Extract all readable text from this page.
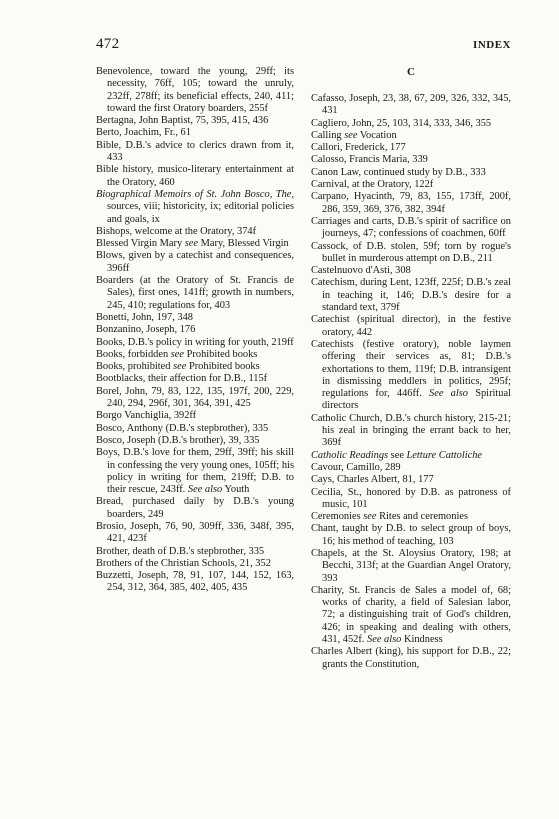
472	INDEX

Benevolence, toward the young, 29ff; its necessity, 76ff, 105; toward the unruly, 232ff, 278ff; its beneficial effects, 240, 411; toward the first Oratory boarders, 255f

Bertagna, John Baptist, 75, 395, 415, 436

Berto, Joachim, Fr., 61

Bible, D.B.'s advice to clerics drawn from it, 433

Bible history, musico-literary entertainment at the Oratory, 460

Biographical Memoirs of St. John Bosco, The, sources, viii; historicity, ix; editorial policies and goals, ix

Bishops, welcome at the Oratory, 374f

Blessed Virgin Mary see Mary, Blessed Virgin

Blows, given by a catechist and consequences, 396ff

Boarders (at the Oratory of St. Francis de Sales), first ones, 141ff; growth in numbers, 245, 410; regulations for, 403

Bonetti, John, 197, 348

Bonzanino, Joseph, 176

Books, D.B.'s policy in writing for youth, 219ff

Books, forbidden see Prohibited books

Books, prohibited see Prohibited books

Bootblacks, their affection for D.B., 115f

Borel, John, 79, 83, 122, 135, 197f, 200, 229, 240, 294, 296f, 301, 364, 391, 425

Borgo Vanchiglia, 392ff

Bosco, Anthony (D.B.'s stepbrother), 335

Bosco, Joseph (D.B.'s brother), 39, 335

Boys, D.B.'s love for them, 29ff, 39ff; his skill in confessing the very young ones, 105ff; his policy in writing for them, 219ff; D.B. to their rescue, 243ff. See also Youth

Bread, purchased daily by D.B.'s young boarders, 249

Brosio, Joseph, 76, 90, 309ff, 336, 348f, 395, 421, 423f

Brother, death of D.B.'s stepbrother, 335

Brothers of the Christian Schools, 21, 352

Buzzetti, Joseph, 78, 91, 107, 144, 152, 163, 254, 312, 364, 385, 402, 405, 435

C

Cafasso, Joseph, 23, 38, 67, 209, 326, 332, 345, 431

Cagliero, John, 25, 103, 314, 333, 346, 355

Calling see Vocation

Callori, Frederick, 177

Calosso, Francis Maria, 339

Canon Law, continued study by D.B., 333

Carnival, at the Oratory, 122f

Carpano, Hyacinth, 79, 83, 155, 173ff, 200f, 286, 359, 369, 376, 382, 394f

Carriages and carts, D.B.'s spirit of sacrifice on journeys, 47; confessions of coachmen, 60ff

Cassock, of D.B. stolen, 59f; torn by rogue's bullet in murderous attempt on D.B., 211

Castelnuovo d'Asti, 308

Catechism, during Lent, 123ff, 225f; D.B.'s zeal in teaching it, 146; D.B.'s desire for a standard text, 379f

Catechist (spiritual director), in the festive oratory, 442

Catechists (festive oratory), noble laymen offering their services as, 81; D.B.'s exhortations to them, 119f; D.B. intransigent in dismissing meddlers in politics, 295f; regulations for, 446ff. See also Spiritual directors

Catholic Church, D.B.'s church history, 215-21; his zeal in bringing the errant back to her, 369f

Catholic Readings see Letture Cattoliche

Cavour, Camillo, 289

Cays, Charles Albert, 81, 177

Cecilia, St., honored by D.B. as patroness of music, 101

Ceremonies see Rites and ceremonies

Chant, taught by D.B. to select group of boys, 16; his method of teaching, 103

Chapels, at the St. Aloysius Oratory, 198; at Becchi, 313f; at the Guardian Angel Oratory, 393

Charity, St. Francis de Sales a model of, 68; works of charity, a field of Salesian labor, 72; a distinguishing trait of God's children, 426; in speaking and dealing with others, 431, 452f. See also Kindness

Charles Albert (king), his support for D.B., 22; grants the Constitution,
